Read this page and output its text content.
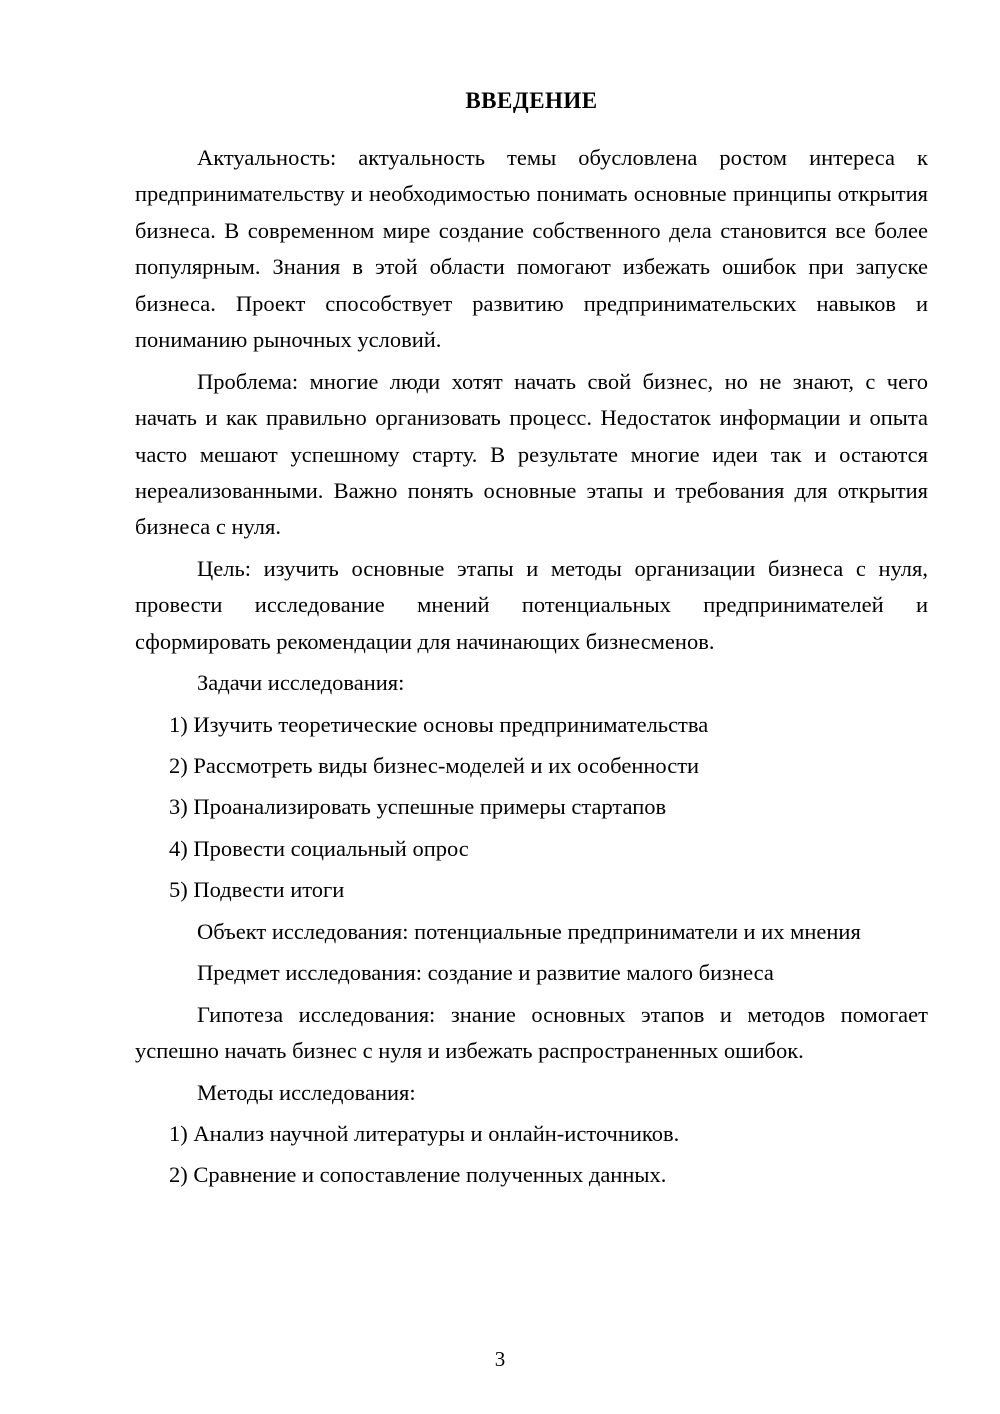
ВВЕДЕНИЕ

Актуальность: актуальность темы обусловлена ростом интереса к предпринимательству и необходимостью понимать основные принципы открытия бизнеса. В современном мире создание собственного дела становится все более популярным. Знания в этой области помогают избежать ошибок при запуске бизнеса. Проект способствует развитию предпринимательских навыков и пониманию рыночных условий.

Проблема: многие люди хотят начать свой бизнес, но не знают, с чего начать и как правильно организовать процесс. Недостаток информации и опыта часто мешают успешному старту. В результате многие идеи так и остаются нереализованными. Важно понять основные этапы и требования для открытия бизнеса с нуля.

Цель: изучить основные этапы и методы организации бизнеса с нуля, провести исследование мнений потенциальных предпринимателей и сформировать рекомендации для начинающих бизнесменов.

Задачи исследования:

1) Изучить теоретические основы предпринимательства

2) Рассмотреть виды бизнес-моделей и их особенности

3) Проанализировать успешные примеры стартапов

4) Провести социальный опрос

5) Подвести итоги

Объект исследования: потенциальные предприниматели и их мнения

Предмет исследования: создание и развитие малого бизнеса

Гипотеза исследования: знание основных этапов и методов помогает успешно начать бизнес с нуля и избежать распространенных ошибок.

Методы исследования:

1) Анализ научной литературы и онлайн-источников.

2) Сравнение и сопоставление полученных данных.

3
